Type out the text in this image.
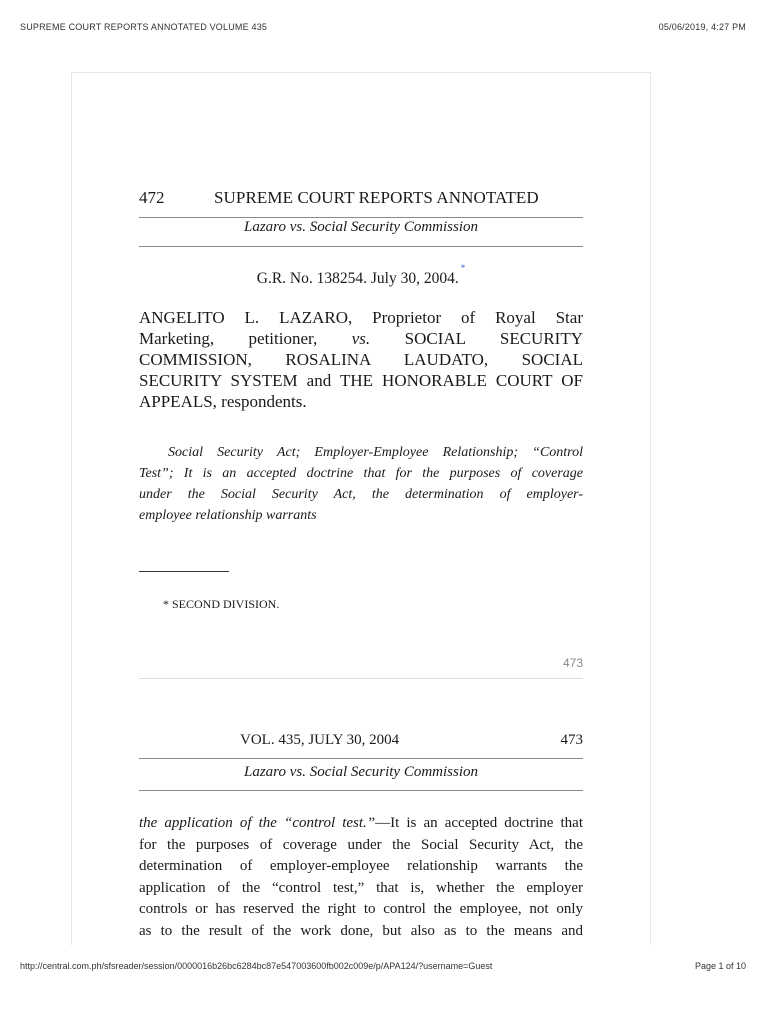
SUPREME COURT REPORTS ANNOTATED VOLUME 435	05/06/2019, 4:27 PM
472	SUPREME COURT REPORTS ANNOTATED
Lazaro vs. Social Security Commission
G.R. No. 138254. July 30, 2004.*
ANGELITO L. LAZARO, Proprietor of Royal Star
Marketing, petitioner, vs. SOCIAL SECURITY
COMMISSION, ROSALINA LAUDATO, SOCIAL
SECURITY SYSTEM and THE HONORABLE COURT OF
APPEALS, respondents.
Social Security Act; Employer-Employee Relationship; “Control
Test”; It is an accepted doctrine that for the purposes of coverage
under the Social Security Act, the determination of employer-
employee relationship warrants
* SECOND DIVISION.
473
VOL. 435, JULY 30, 2004	473
Lazaro vs. Social Security Commission
the application of the “control test.”—It is an accepted doctrine that
for the purposes of coverage under the Social Security Act, the
determination of employer-employee relationship warrants the
application of the “control test,” that is, whether the employer
controls or has reserved the right to control the employee, not only
as to the result of the work done, but also as to the means and
http://central.com.ph/sfsreader/session/0000016b26bc6284bc87e547003600fb002c009e/p/APA124/?username=Guest	Page 1 of 10
